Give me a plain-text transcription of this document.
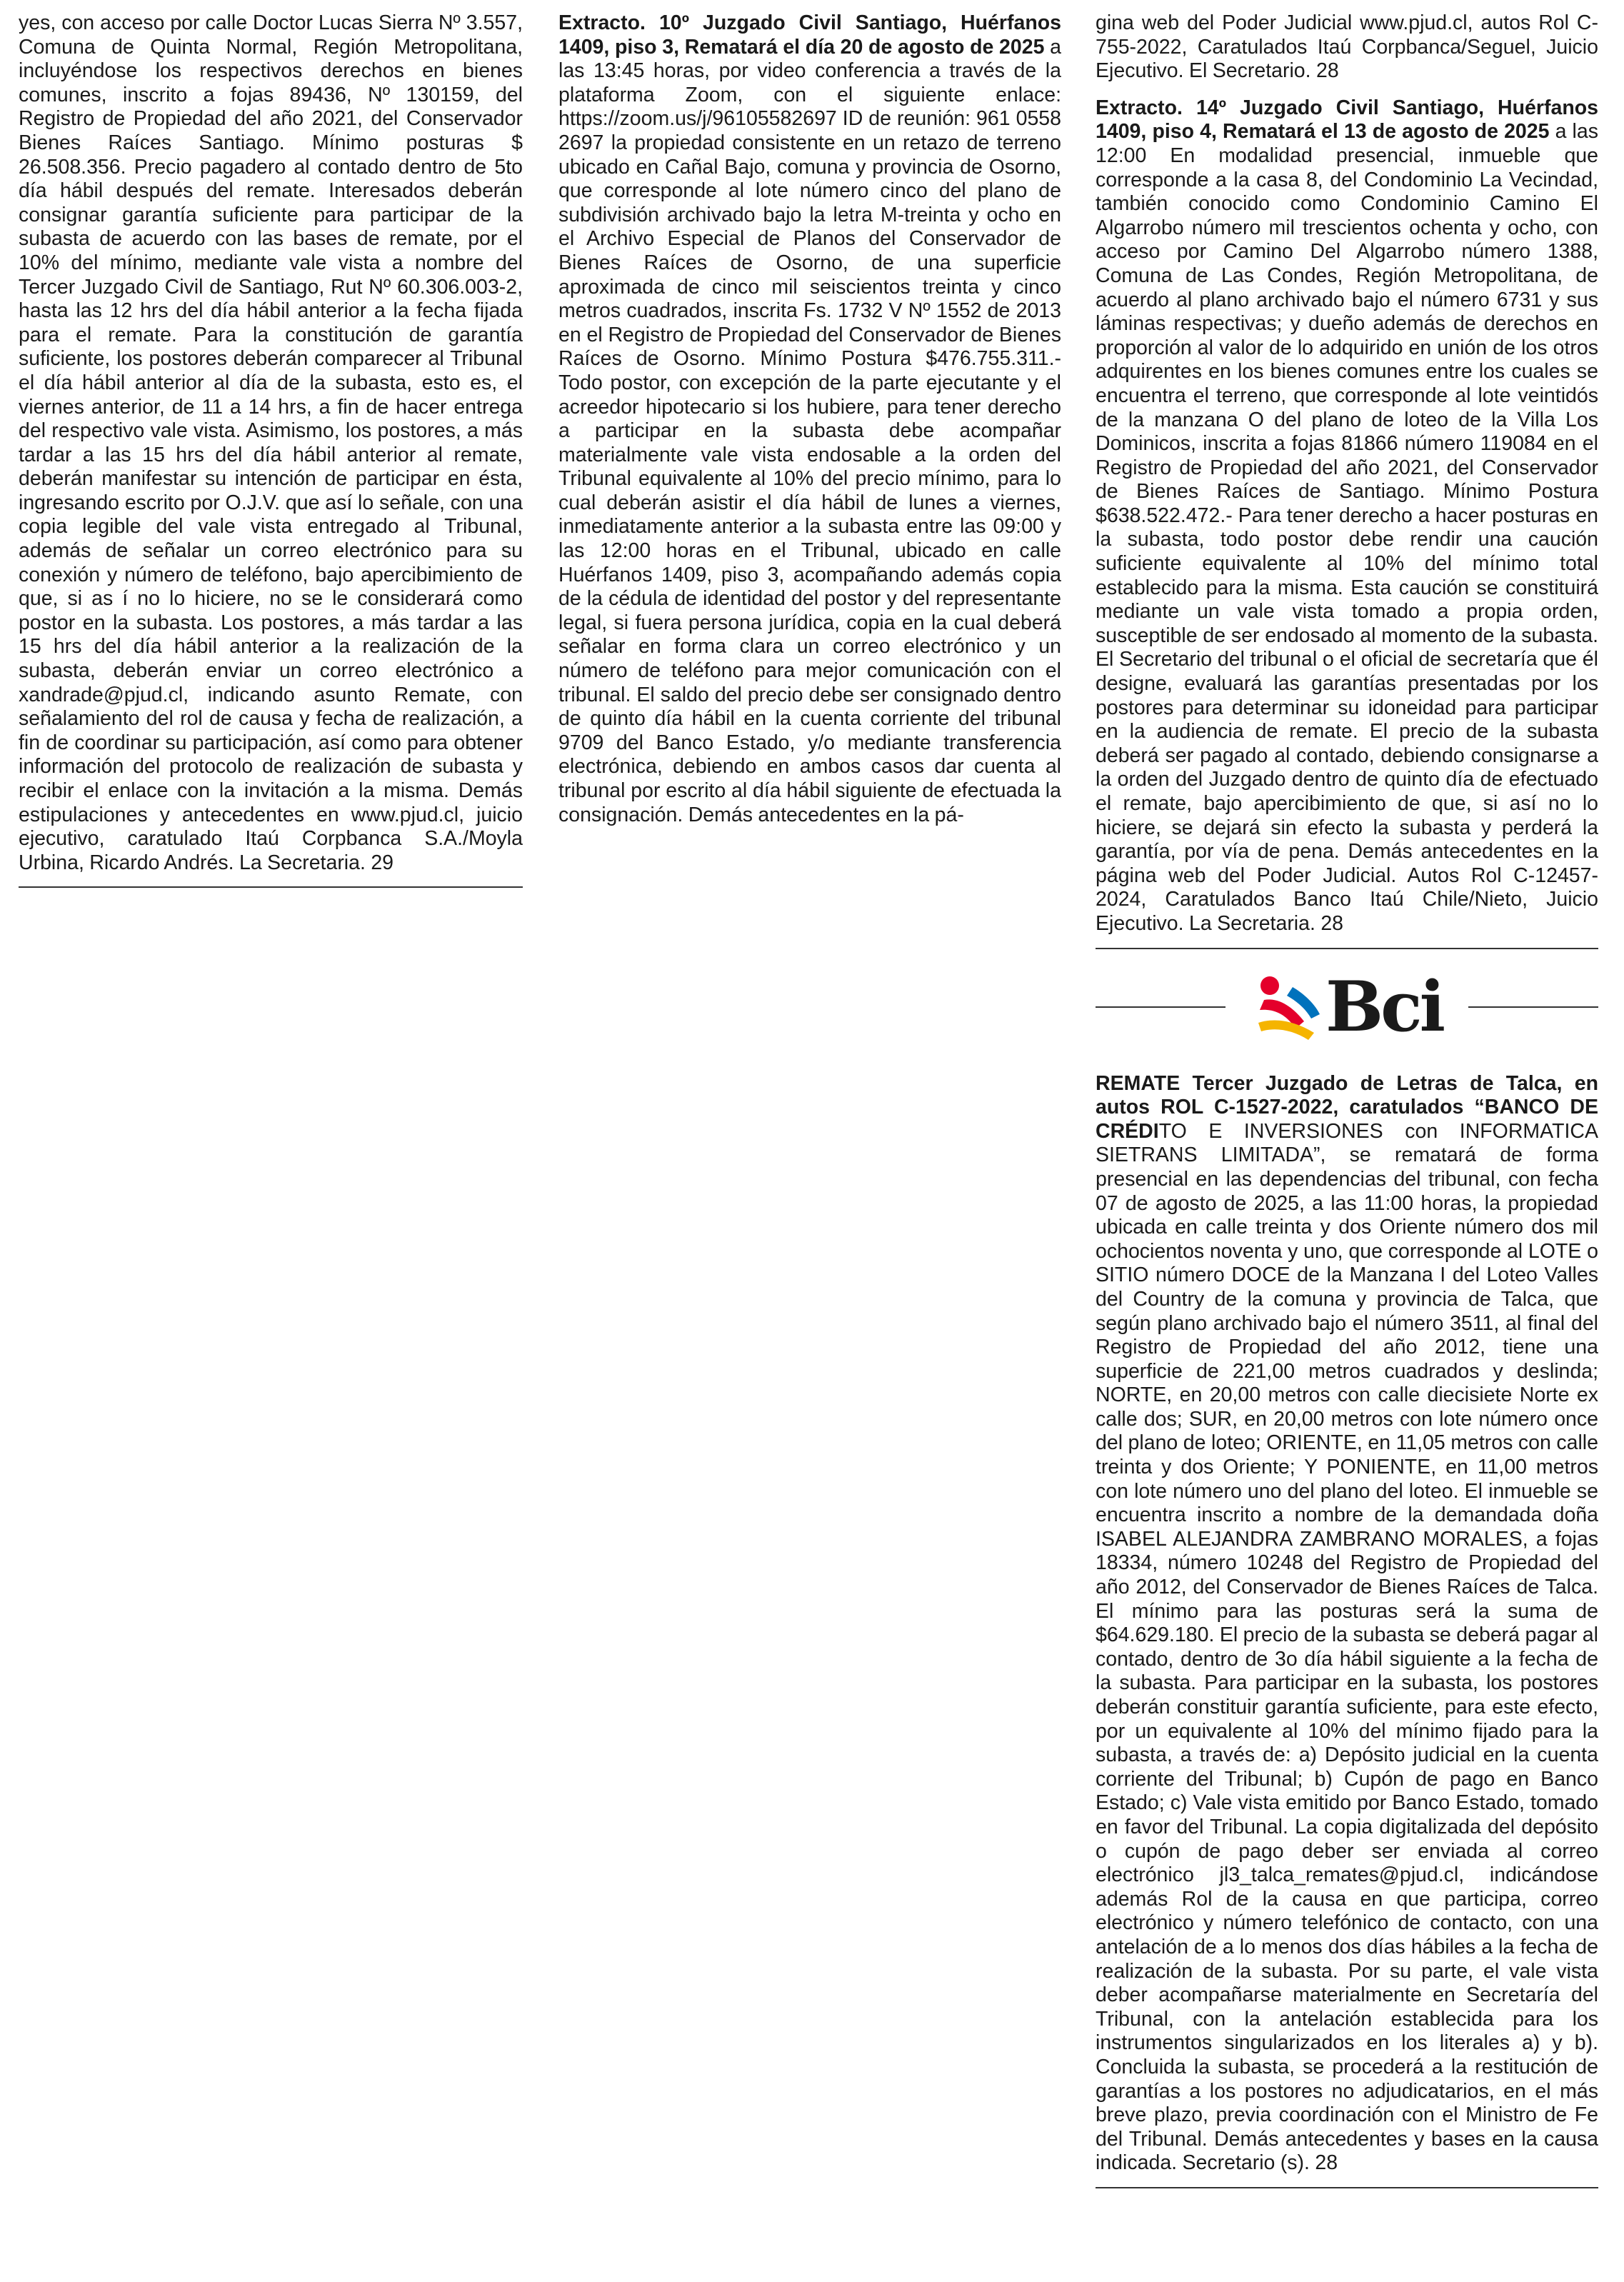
yes, con acceso por calle Doctor Lucas Sierra Nº 3.557, Comuna de Quinta Normal, Región Metropolitana, incluyéndose los respectivos derechos en bienes comunes, inscrito a fojas 89436, Nº 130159, del Registro de Propiedad del año 2021, del Conservador Bienes Raíces Santiago. Mínimo posturas $ 26.508.356. Precio pagadero al contado dentro de 5to día hábil después del remate. Interesados deberán consignar garantía suficiente para participar de la subasta de acuerdo con las bases de remate, por el 10% del mínimo, mediante vale vista a nombre del Tercer Juzgado Civil de Santiago, Rut Nº 60.306.003-2, hasta las 12 hrs del día hábil anterior a la fecha fijada para el remate. Para la constitución de garantía suficiente, los postores deberán comparecer al Tribunal el día hábil anterior al día de la subasta, esto es, el viernes anterior, de 11 a 14 hrs, a fin de hacer entrega del respectivo vale vista. Asimismo, los postores, a más tardar a las 15 hrs del día hábil anterior al remate, deberán manifestar su intención de participar en ésta, ingresando escrito por O.J.V. que así lo señale, con una copia legible del vale vista entregado al Tribunal, además de señalar un correo electrónico para su conexión y número de teléfono, bajo apercibimiento de que, si as í no lo hiciere, no se le considerará como postor en la subasta. Los postores, a más tardar a las 15 hrs del día hábil anterior a la realización de la subasta, deberán enviar un correo electrónico a xandrade@pjud.cl, indicando asunto Remate, con señalamiento del rol de causa y fecha de realización, a fin de coordinar su participación, así como para obtener información del protocolo de realización de subasta y recibir el enlace con la invitación a la misma. Demás estipulaciones y antecedentes en www.pjud.cl, juicio ejecutivo, caratulado Itaú Corpbanca S.A./Moyla Urbina, Ricardo Andrés. La Secretaria. 29

Extracto. 10º Juzgado Civil Santiago, Huérfanos 1409, piso 3, Rematará el día 20 de agosto de 2025 a las 13:45 horas, por video conferencia a través de la plataforma Zoom, con el siguiente enlace: https://zoom.us/j/96105582697 ID de reunión: 961 0558 2697 la propiedad consistente en un retazo de terreno ubicado en Cañal Bajo, comuna y provincia de Osorno, que corresponde al lote número cinco del plano de subdivisión archivado bajo la letra M-treinta y ocho en el Archivo Especial de Planos del Conservador de Bienes Raíces de Osorno, de una superficie aproximada de cinco mil seiscientos treinta y cinco metros cuadrados, inscrita Fs. 1732 V Nº 1552 de 2013 en el Registro de Propiedad del Conservador de Bienes Raíces de Osorno. Mínimo Postura $476.755.311.- Todo postor, con excepción de la parte ejecutante y el acreedor hipotecario si los hubiere, para tener derecho a participar en la subasta debe acompañar materialmente vale vista endosable a la orden del Tribunal equivalente al 10% del precio mínimo, para lo cual deberán asistir el día hábil de lunes a viernes, inmediatamente anterior a la subasta entre las 09:00 y las 12:00 horas en el Tribunal, ubicado en calle Huérfanos 1409, piso 3, acompañando además copia de la cédula de identidad del postor y del representante legal, si fuera persona jurídica, copia en la cual deberá señalar en forma clara un correo electrónico y un número de teléfono para mejor comunicación con el tribunal. El saldo del precio debe ser consignado dentro de quinto día hábil en la cuenta corriente del tribunal 9709 del Banco Estado, y/o mediante transferencia electrónica, debiendo en ambos casos dar cuenta al tribunal por escrito al día hábil siguiente de efectuada la consignación. Demás antecedentes en la pá-

gina web del Poder Judicial www.pjud.cl, autos Rol C-755-2022, Caratulados Itaú Corpbanca/Seguel, Juicio Ejecutivo. El Secretario. 28

Extracto. 14º Juzgado Civil Santiago, Huérfanos 1409, piso 4, Rematará el 13 de agosto de 2025 a las 12:00 En modalidad presencial, inmueble que corresponde a la casa 8, del Condominio La Vecindad, también conocido como Condominio Camino El Algarrobo número mil trescientos ochenta y ocho, con acceso por Camino Del Algarrobo número 1388, Comuna de Las Condes, Región Metropolitana, de acuerdo al plano archivado bajo el número 6731 y sus láminas respectivas; y dueño además de derechos en proporción al valor de lo adquirido en unión de los otros adquirentes en los bienes comunes entre los cuales se encuentra el terreno, que corresponde al lote veintidós de la manzana O del plano de loteo de la Villa Los Dominicos, inscrita a fojas 81866 número 119084 en el Registro de Propiedad del año 2021, del Conservador de Bienes Raíces de Santiago. Mínimo Postura $638.522.472.- Para tener derecho a hacer posturas en la subasta, todo postor debe rendir una caución suficiente equivalente al 10% del mínimo total establecido para la misma. Esta caución se constituirá mediante un vale vista tomado a propia orden, susceptible de ser endosado al momento de la subasta. El Secretario del tribunal o el oficial de secretaría que él designe, evaluará las garantías presentadas por los postores para determinar su idoneidad para participar en la audiencia de remate. El precio de la subasta deberá ser pagado al contado, debiendo consignarse a la orden del Juzgado dentro de quinto día de efectuado el remate, bajo apercibimiento de que, si así no lo hiciere, se dejará sin efecto la subasta y perderá la garantía, por vía de pena. Demás antecedentes en la página web del Poder Judicial. Autos Rol C-12457-2024, Caratulados Banco Itaú Chile/Nieto, Juicio Ejecutivo. La Secretaria. 28

Bci

REMATE Tercer Juzgado de Letras de Talca, en autos ROL C-1527-2022, caratulados “BANCO DE CRÉDITO E INVERSIONES con INFORMATICA SIETRANS LIMITADA”, se rematará de forma presencial en las dependencias del tribunal, con fecha 07 de agosto de 2025, a las 11:00 horas, la propiedad ubicada en calle treinta y dos Oriente número dos mil ochocientos noventa y uno, que corresponde al LOTE o SITIO número DOCE de la Manzana I del Loteo Valles del Country de la comuna y provincia de Talca, que según plano archivado bajo el número 3511, al final del Registro de Propiedad del año 2012, tiene una superficie de 221,00 metros cuadrados y deslinda; NORTE, en 20,00 metros con calle diecisiete Norte ex calle dos; SUR, en 20,00 metros con lote número once del plano de loteo; ORIENTE, en 11,05 metros con calle treinta y dos Oriente; Y PONIENTE, en 11,00 metros con lote número uno del plano del loteo. El inmueble se encuentra inscrito a nombre de la demandada doña ISABEL ALEJANDRA ZAMBRANO MORALES, a fojas 18334, número 10248 del Registro de Propiedad del año 2012, del Conservador de Bienes Raíces de Talca. El mínimo para las posturas será la suma de $64.629.180. El precio de la subasta se deberá pagar al contado, dentro de 3o día hábil siguiente a la fecha de la subasta. Para participar en la subasta, los postores deberán constituir garantía suficiente, para este efecto, por un equivalente al 10% del mínimo fijado para la subasta, a través de: a) Depósito judicial en la cuenta corriente del Tribunal; b) Cupón de pago en Banco Estado; c) Vale vista emitido por Banco Estado, tomado en favor del Tribunal. La copia digitalizada del depósito o cupón de pago deber ser enviada al correo electrónico jl3_talca_remates@pjud.cl, indicándose además Rol de la causa en que participa, correo electrónico y número telefónico de contacto, con una antelación de a lo menos dos días hábiles a la fecha de realización de la subasta. Por su parte, el vale vista deber acompañarse materialmente en Secretaría del Tribunal, con la antelación establecida para los instrumentos singularizados en los literales a) y b). Concluida la subasta, se procederá a la restitución de garantías a los postores no adjudicatarios, en el más breve plazo, previa coordinación con el Ministro de Fe del Tribunal. Demás antecedentes y bases en la causa indicada. Secretario (s). 28
